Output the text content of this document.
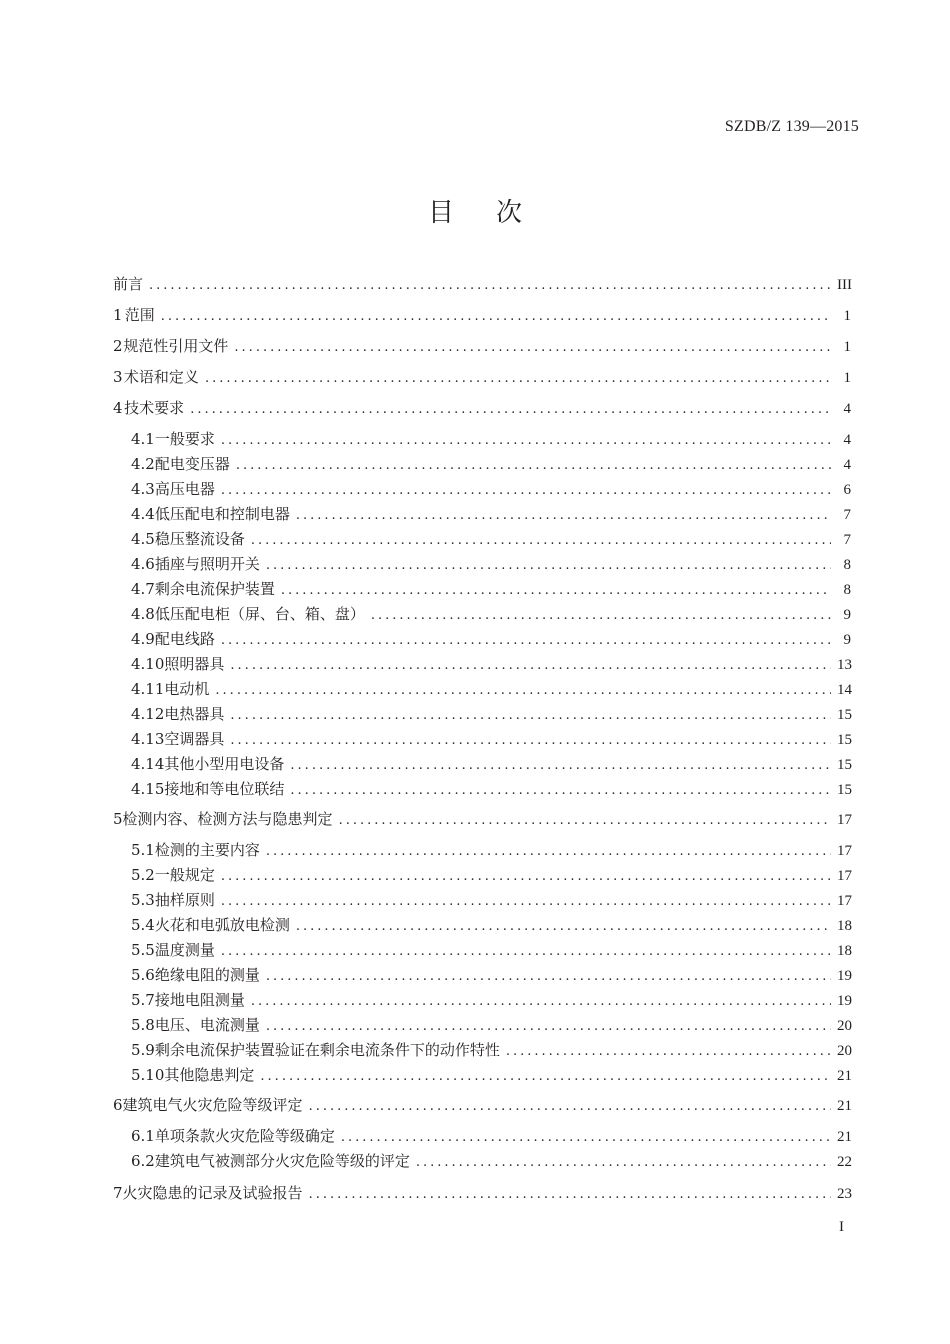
SZDB/Z 139—2015
目次
前言 .....	III
1 范围 .....	1
2 规范性引用文件 .....	1
3 术语和定义 .....	1
4 技术要求 .....	4
4.1 一般要求 .....	4
4.2 配电变压器 .....	4
4.3 高压电器 .....	6
4.4 低压配电和控制电器 .....	7
4.5 稳压整流设备 .....	7
4.6 插座与照明开关 .....	8
4.7 剩余电流保护装置 .....	8
4.8 低压配电柜（屏、台、箱、盘） .....	9
4.9 配电线路 .....	9
4.10 照明器具 .....	13
4.11 电动机 .....	14
4.12 电热器具 .....	15
4.13 空调器具 .....	15
4.14 其他小型用电设备 .....	15
4.15 接地和等电位联结 .....	15
5 检测内容、检测方法与隐患判定 .....	17
5.1 检测的主要内容 .....	17
5.2 一般规定 .....	17
5.3 抽样原则 .....	17
5.4 火花和电弧放电检测 .....	18
5.5 温度测量 .....	18
5.6 绝缘电阻的测量 .....	19
5.7 接地电阻测量 .....	19
5.8 电压、电流测量 .....	20
5.9 剩余电流保护装置验证在剩余电流条件下的动作特性 .....	20
5.10 其他隐患判定 .....	21
6 建筑电气火灾危险等级评定 .....	21
6.1 单项条款火灾危险等级确定 .....	21
6.2 建筑电气被测部分火灾危险等级的评定 .....	22
7 火灾隐患的记录及试验报告 .....	23
I
